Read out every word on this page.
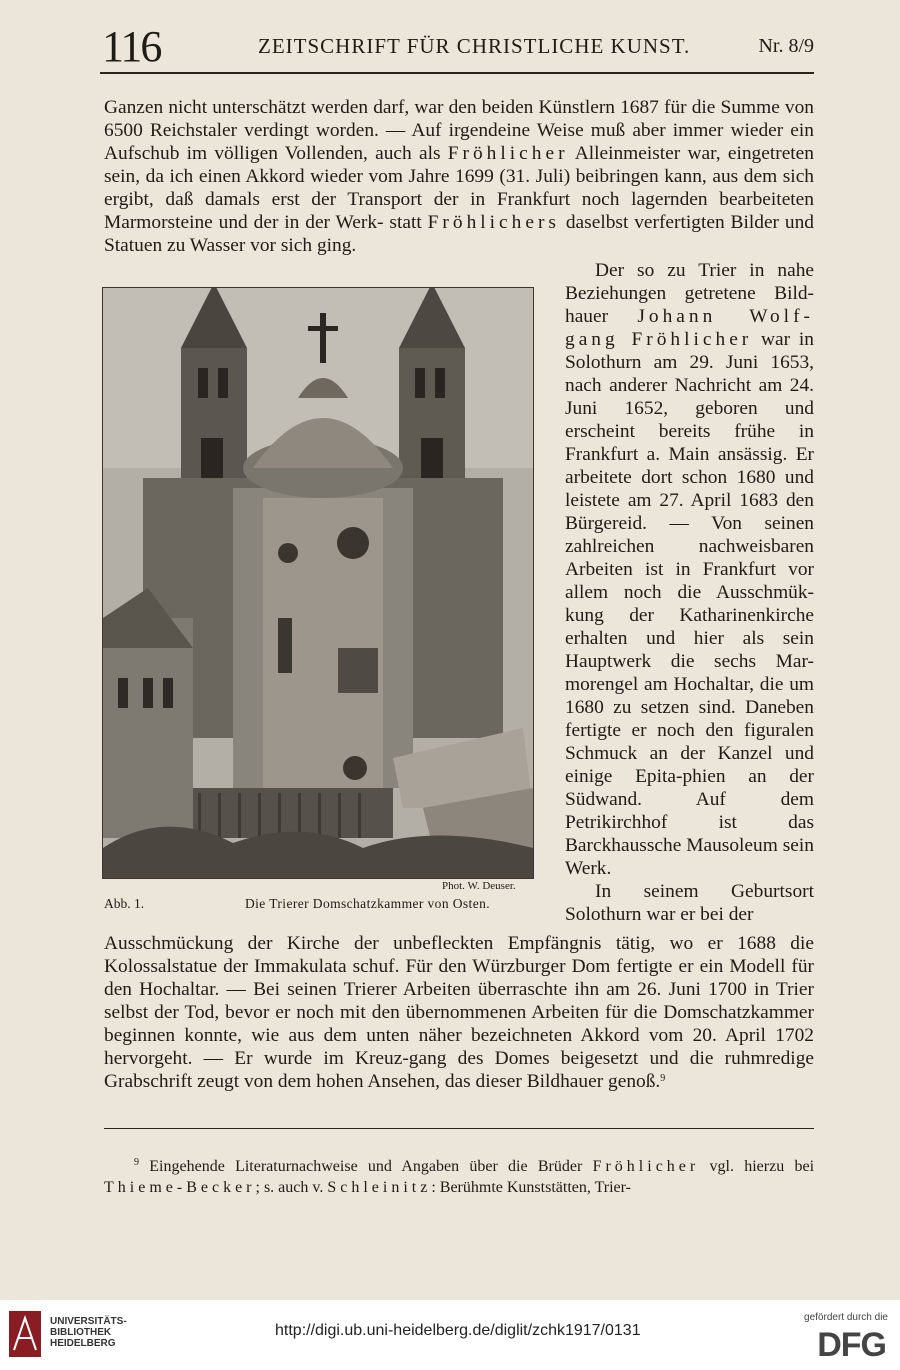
116	ZEITSCHRIFT FÜR CHRISTLICHE KUNST.	Nr. 8/9

Ganzen nicht unterschätzt werden darf, war den beiden Künstlern 1687 für die Summe von 6500 Reichstaler verdingt worden. — Auf irgendeine Weise muß aber immer wieder ein Aufschub im völligen Vollenden, auch als Fröhlicher Alleinmeister war, eingetreten sein, da ich einen Akkord wieder vom Jahre 1699 (31. Juli) beibringen kann, aus dem sich ergibt, daß damals erst der Transport der in Frankfurt noch lagernden bearbeiteten Marmorsteine und der in der Werk- statt Fröhlichers daselbst verfertigten Bilder und Statuen zu Wasser vor sich ging.

Der so zu Trier in nahe Beziehungen getretene Bild-hauer Johann Wolf-gang Fröhlicher war in Solothurn am 29. Juni 1653, nach anderer Nachricht am 24. Juni 1652, geboren und erscheint bereits frühe in Frankfurt a. Main ansässig. Er arbeitete dort schon 1680 und leistete am 27. April 1683 den Bürgereid. — Von seinen zahlreichen nachweisbaren Arbeiten ist in Frankfurt vor allem noch die Ausschmük-kung der Katharinenkirche erhalten und hier als sein Hauptwerk die sechs Mar-morengel am Hochaltar, die um 1680 zu setzen sind. Daneben fertigte er noch den figuralen Schmuck an der Kanzel und einige Epita-phien an der Südwand. Auf dem Petrikirchhof ist das Barckhaussche Mausoleum sein Werk.

In seinem Geburtsort Solothurn war er bei der

Phot. W. Deuser.
Abb. 1.	Die Trierer Domschatzkammer von Osten.

Ausschmückung der Kirche der unbefleckten Empfängnis tätig, wo er 1688 die Kolossalstatue der Immakulata schuf. Für den Würzburger Dom fertigte er ein Modell für den Hochaltar. — Bei seinen Trierer Arbeiten überraschte ihn am 26. Juni 1700 in Trier selbst der Tod, bevor er noch mit den übernommenen Arbeiten für die Domschatzkammer beginnen konnte, wie aus dem unten näher bezeichneten Akkord vom 20. April 1702 hervorgeht. — Er wurde im Kreuz-gang des Domes beigesetzt und die ruhmredige Grabschrift zeugt von dem hohen Ansehen, das dieser Bildhauer genoß.$^9$

$^9$ Eingehende Literaturnachweise und Angaben über die Brüder Fröhlicher vgl. hierzu bei Thieme-Becker; s. auch v. Schleinitz: Berühmte Kunststätten, Trier-

UNIVERSITÄTS-
BIBLIOTHEK
HEIDELBERG
http://digi.ub.uni-heidelberg.de/diglit/zchk1917/0131
gefördert durch die
DFG
